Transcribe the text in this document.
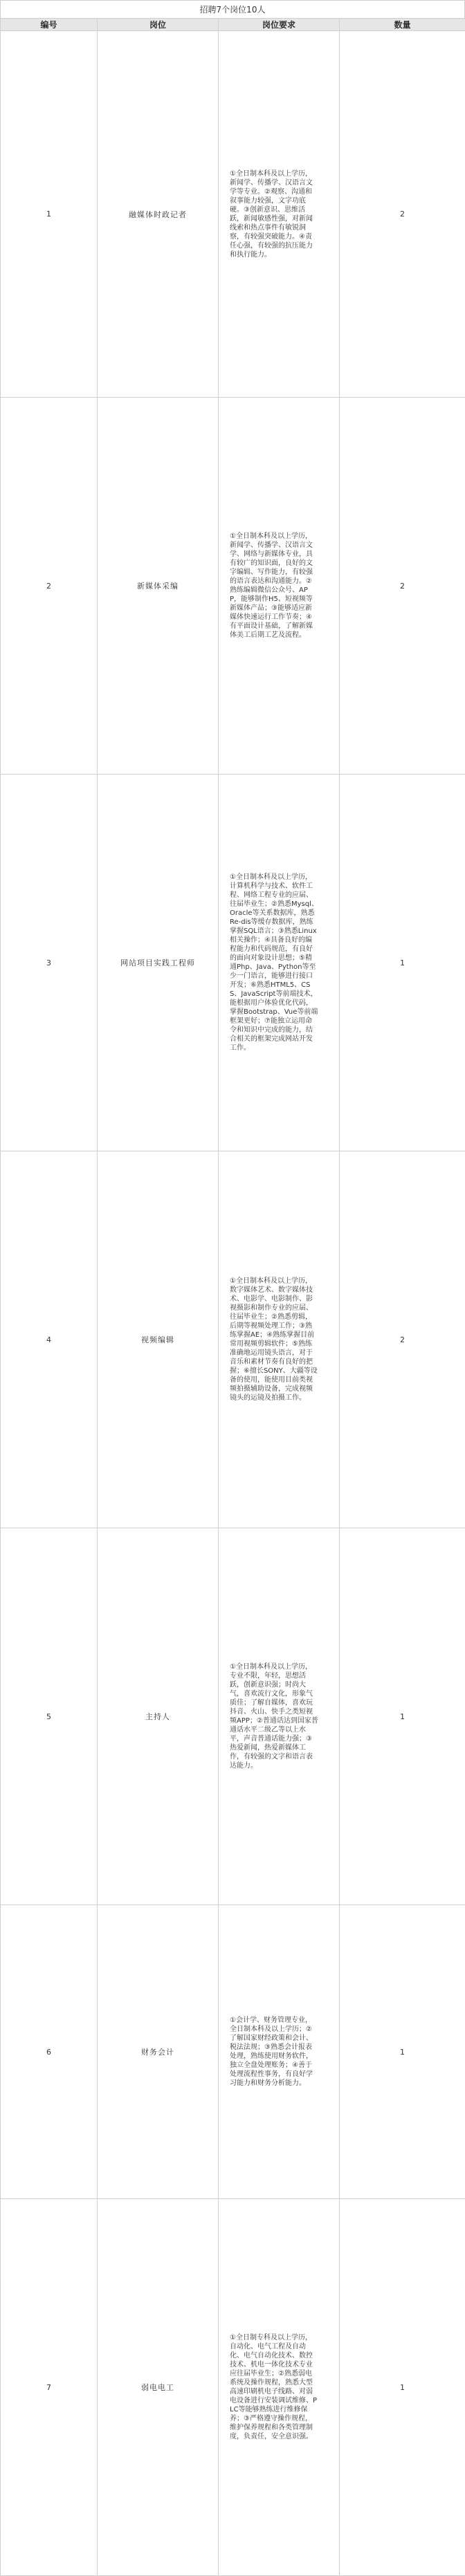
招聘7个岗位10人
编号	岗位	岗位要求	数量
1	融媒体时政记者	①全日制本科及以上学历，新闻学、传播学、汉语言文学等专业。②观察、沟通和叙事能力较强，文字功底硬。③创新意识、思维活跃，新闻敏感性强，对新闻线索和热点事件有敏锐洞察，有较强突破能力。④责任心强，有较强的抗压能力和执行能力。	2
2	新媒体采编	①全日制本科及以上学历，新闻学、传播学、汉语言文学、网络与新媒体专业，具有较广的知识面，良好的文字编辑、写作能力，有较强的语言表达和沟通能力。②熟练编辑微信公众号、APP，能够制作H5、短视频等新媒体产品；③能够适应新媒体快速运行工作节奏；④有平面设计基础，了解新媒体美工后期工艺及流程。	2
3	网站项目实践工程师	①全日制本科及以上学历，计算机科学与技术、软件工程、网络工程专业的应届、往届毕业生；②熟悉Mysql、Oracle等关系数据库，熟悉Re-dis等缓存数据库，熟练掌握SQL语言；③熟悉Linux相关操作；④具备良好的编程能力和代码规范，有良好的面向对象设计思想；⑤精通Php、Java、Python等至少一门语言，能够进行接口开发；⑥熟悉HTML5、CSS、JavaScript等前端技术，能根据用户体验优化代码，掌握Bootstrap、Vue等前端框架更好；⑦能独立运用命令和知识中完成的能力，结合相关的框架完成网站开发工作。	1
4	视频编辑	①全日制本科及以上学历，数字媒体艺术、数字媒体技术、电影学、电影制作、影视摄影和制作专业的应届、往届毕业生；②熟悉剪辑，后期等视频处理工作；③熟练掌握AE；④熟练掌握目前常用视频剪辑软件；⑤熟练准确地运用镜头语言，对于音乐和素材节奏有良好的把握；⑥擅长SONY、大疆等设备的使用，能使用目前类视频拍摄辅助设备，完成视频镜头的运镜及拍摄工作。	2
5	主持人	①全日制本科及以上学历，专业不限，年轻，思想活跃，创新意识强；时尚大气，喜欢流行文化，形象气质佳；了解自媒体，喜欢玩抖音、火山、快手之类短视频APP；②普通话达到国家普通话水平二级乙等以上水平，声音普通话能力强；③热爱新闻，热爱新媒体工作，有较强的文字和语言表达能力。	1
6	财务会计	①会计学、财务管理专业，全日制本科及以上学历；②了解国家财经政策和会计、税法法规；③熟悉会计报表处理，熟练使用财务软件，独立全盘处理账务；④善于处理流程性事务，有良好学习能力和财务分析能力。	1
7	弱电电工	①全日制专科及以上学历，自动化、电气工程及自动化、电气自动化技术、数控技术、机电一体化技术专业应往届毕业生；②熟悉弱电系统及操作规程，熟悉大型高速印刷机电子线路、对弱电设备进行安装调试维修、PLC等能够熟练进行维修保养；③严格遵守操作规程，维护保养规程和各类管理制度，负责任，安全意识强。	1
